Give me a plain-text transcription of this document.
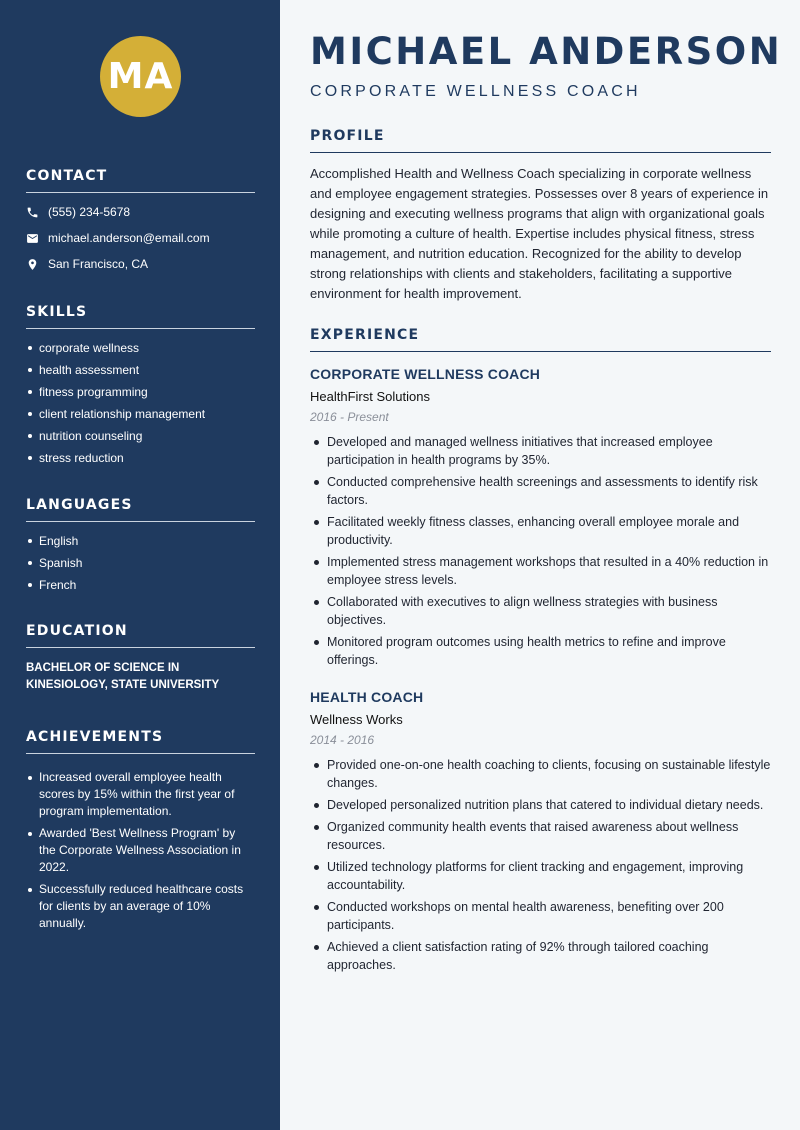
MA
CONTACT
(555) 234-5678
michael.anderson@email.com
San Francisco, CA
SKILLS
corporate wellness
health assessment
fitness programming
client relationship management
nutrition counseling
stress reduction
LANGUAGES
English
Spanish
French
EDUCATION
BACHELOR OF SCIENCE IN KINESIOLOGY, STATE UNIVERSITY
ACHIEVEMENTS
Increased overall employee health scores by 15% within the first year of program implementation.
Awarded 'Best Wellness Program' by the Corporate Wellness Association in 2022.
Successfully reduced healthcare costs for clients by an average of 10% annually.
MICHAEL ANDERSON
CORPORATE WELLNESS COACH
PROFILE

Accomplished Health and Wellness Coach specializing in corporate wellness and employee engagement strategies. Possesses over 8 years of experience in designing and executing wellness programs that align with organizational goals while promoting a culture of health. Expertise includes physical fitness, stress management, and nutrition education. Recognized for the ability to develop strong relationships with clients and stakeholders, facilitating a supportive environment for health improvement.

EXPERIENCE
CORPORATE WELLNESS COACH
HealthFirst Solutions
2016 - Present
Developed and managed wellness initiatives that increased employee participation in health programs by 35%.
Conducted comprehensive health screenings and assessments to identify risk factors.
Facilitated weekly fitness classes, enhancing overall employee morale and productivity.
Implemented stress management workshops that resulted in a 40% reduction in employee stress levels.
Collaborated with executives to align wellness strategies with business objectives.
Monitored program outcomes using health metrics to refine and improve offerings.
HEALTH COACH
Wellness Works
2014 - 2016
Provided one-on-one health coaching to clients, focusing on sustainable lifestyle changes.
Developed personalized nutrition plans that catered to individual dietary needs.
Organized community health events that raised awareness about wellness resources.
Utilized technology platforms for client tracking and engagement, improving accountability.
Conducted workshops on mental health awareness, benefiting over 200 participants.
Achieved a client satisfaction rating of 92% through tailored coaching approaches.
